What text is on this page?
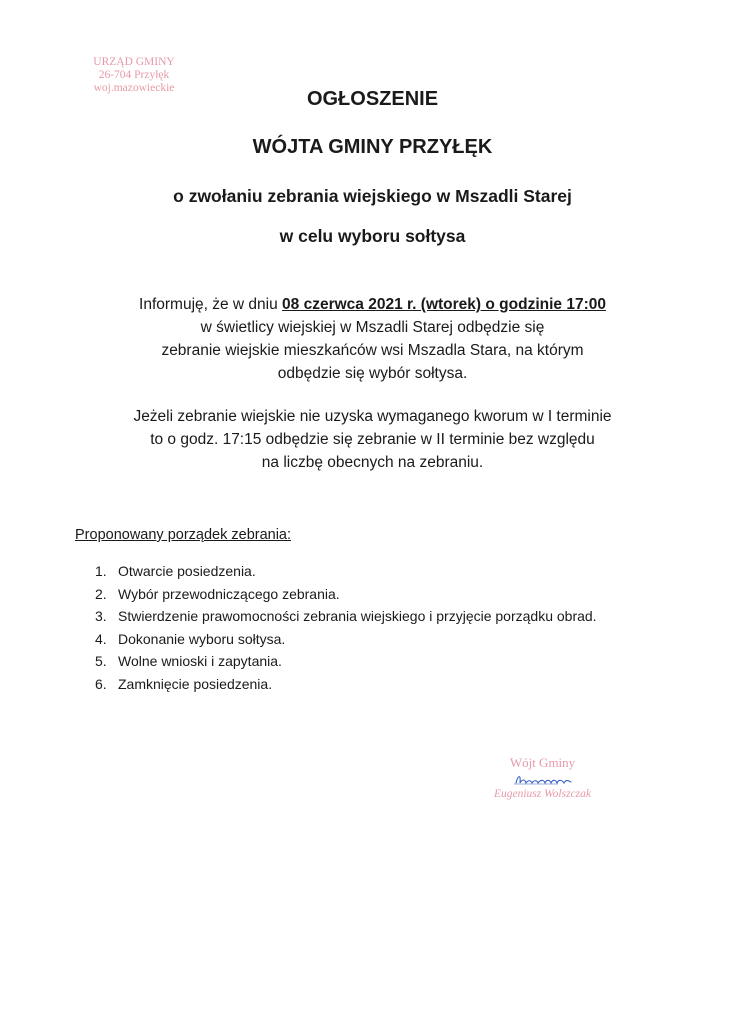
URZĄD GMINY
26-704 Przyłęk
woj.mazowieckie	OGŁOSZENIE
WÓJTA GMINY PRZYŁĘK
o zwołaniu zebrania wiejskiego w Mszadli Starej
w celu wyboru sołtysa
Informuję, że w dniu 08 czerwca 2021 r. (wtorek) o godzinie 17:00
w świetlicy wiejskiej w Mszadli Starej odbędzie się
zebranie wiejskie mieszkańców wsi Mszadla Stara, na którym
odbędzie się wybór sołtysa.
Jeżeli zebranie wiejskie nie uzyska wymaganego kworum w I terminie
to o godz. 17:15 odbędzie się zebranie w II terminie bez względu
na liczbę obecnych na zebraniu.
Proponowany porządek zebrania:
1. Otwarcie posiedzenia.
2. Wybór przewodniczącego zebrania.
3. Stwierdzenie prawomocności zebrania wiejskiego i przyjęcie porządku obrad.
4. Dokonanie wyboru sołtysa.
5. Wolne wnioski i zapytania.
6. Zamknięcie posiedzenia.
Wójt Gminy
Eugeniusz Wolszczak
